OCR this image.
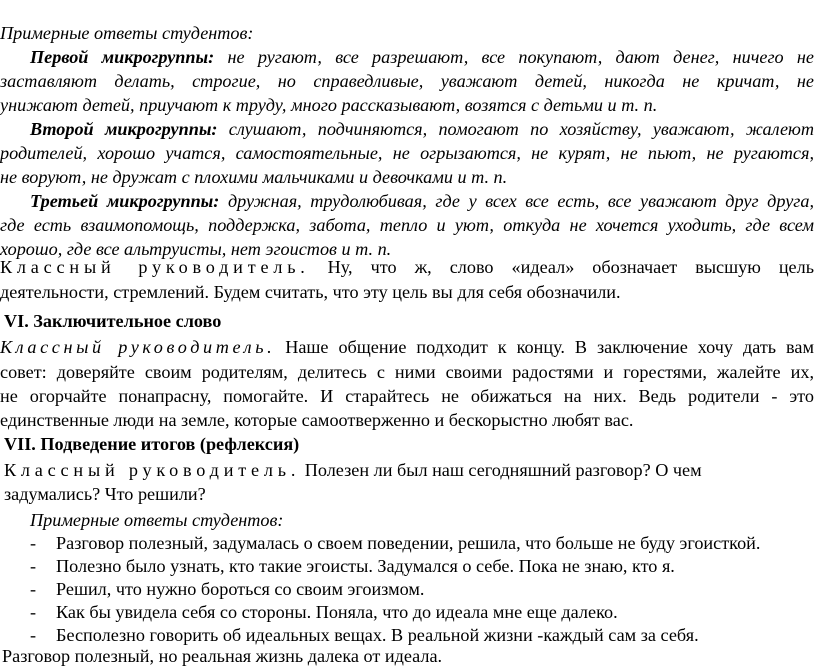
Примерные ответы студентов:
Первой микрогруппы: не ругают, все разрешают, все покупают, дают денег, ничего не
заставляют делать, строгие, но справедливые, уважают детей, никогда не кричат, не
унижают детей, приучают к труду, много рассказывают, возятся с детьми и т. п.
Второй микрогруппы: слушают, подчиняются, помогают по хозяйству, уважают, жалеют
родителей, хорошо учатся, самостоятельные, не огрызаются, не курят, не пьют, не ругаются,
не воруют, не дружат с плохими мальчиками и девочками и т. п.
Третьей микрогруппы: дружная, трудолюбивая, где у всех все есть, все уважают друг друга,
где есть взаимопомощь, поддержка, забота, тепло и уют, откуда не хочется уходить, где всем
хорошо, где все альтруисты, нет эгоистов и т. п.
Классный руководитель. Ну, что ж, слово «идеал» обозначает высшую цель
деятельности, стремлений. Будем считать, что эту цель вы для себя обозначили.
VI. Заключительное слово
Классный руководитель. Наше общение подходит к концу. В заключение хочу дать вам
совет: доверяйте своим родителям, делитесь с ними своими радостями и горестями, жалейте их,
не огорчайте понапрасну, помогайте. И старайтесь не обижаться на них. Ведь родители - это
единственные люди на земле, которые самоотверженно и бескорыстно любят вас.
VII. Подведение итогов (рефлексия)
Классный руководитель. Полезен ли был наш сегодняшний разговор? О чем
задумались? Что решили?
Примерные ответы студентов:
- Разговор полезный, задумалась о своем поведении, решила, что больше не буду эгоисткой.
- Полезно было узнать, кто такие эгоисты. Задумался о себе. Пока не знаю, кто я.
- Решил, что нужно бороться со своим эгоизмом.
- Как бы увидела себя со стороны. Поняла, что до идеала мне еще далеко.
- Бесполезно говорить об идеальных вещах. В реальной жизни -каждый сам за себя.
Разговор полезный, но реальная жизнь далека от идеала.
